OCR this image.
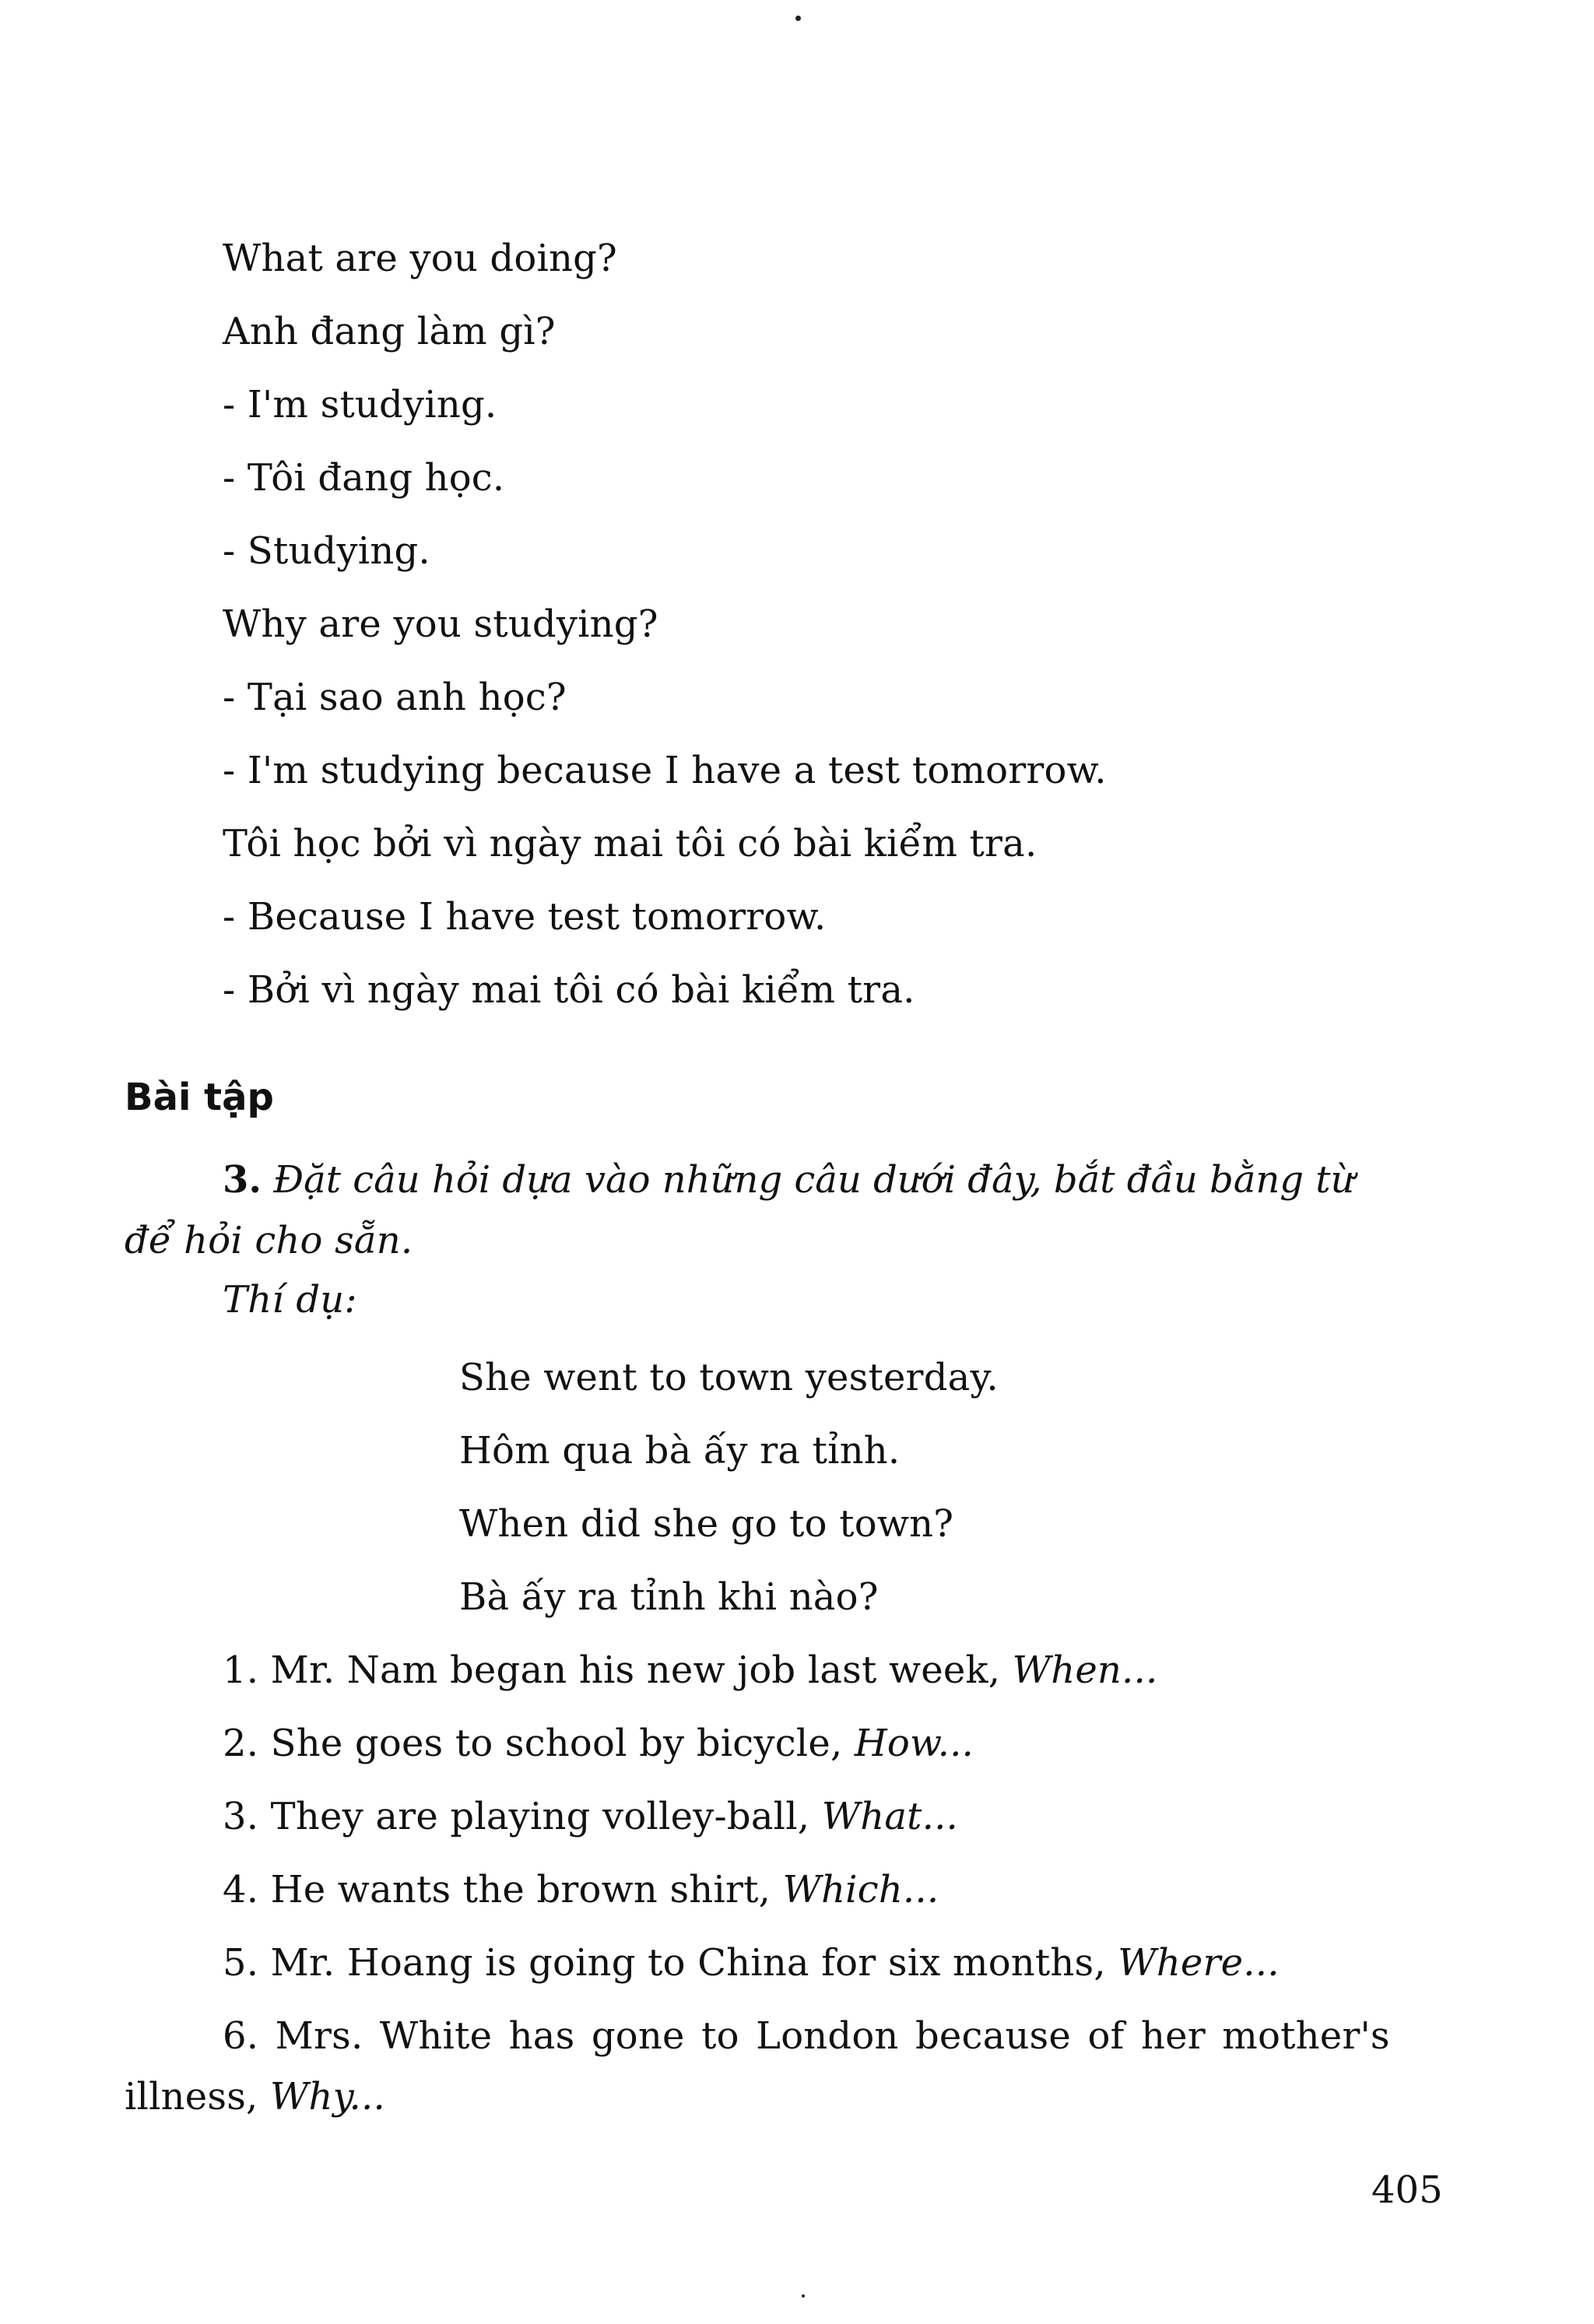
What are you doing?
Anh đang làm gì?
- I'm studying.
- Tôi đang học.
- Studying.
Why are you studying?
- Tại sao anh học?
- I'm studying because I have a test tomorrow.
Tôi học bởi vì ngày mai tôi có bài kiểm tra.
- Because I have test tomorrow.
- Bởi vì ngày mai tôi có bài kiểm tra.
Bài tập
3. Đặt câu hỏi dựa vào những câu dưới đây, bắt đầu bằng từ
để hỏi cho sẵn.
Thí dụ:
She went to town yesterday.
Hôm qua bà ấy ra tỉnh.
When did she go to town?
Bà ấy ra tỉnh khi nào?
1. Mr. Nam began his new job last week, When...
2. She goes to school by bicycle, How...
3. They are playing volley-ball, What...
4. He wants the brown shirt, Which...
5. Mr. Hoang is going to China for six months, Where...
6. Mrs. White has gone to London because of her mother's
illness, Why...
405
